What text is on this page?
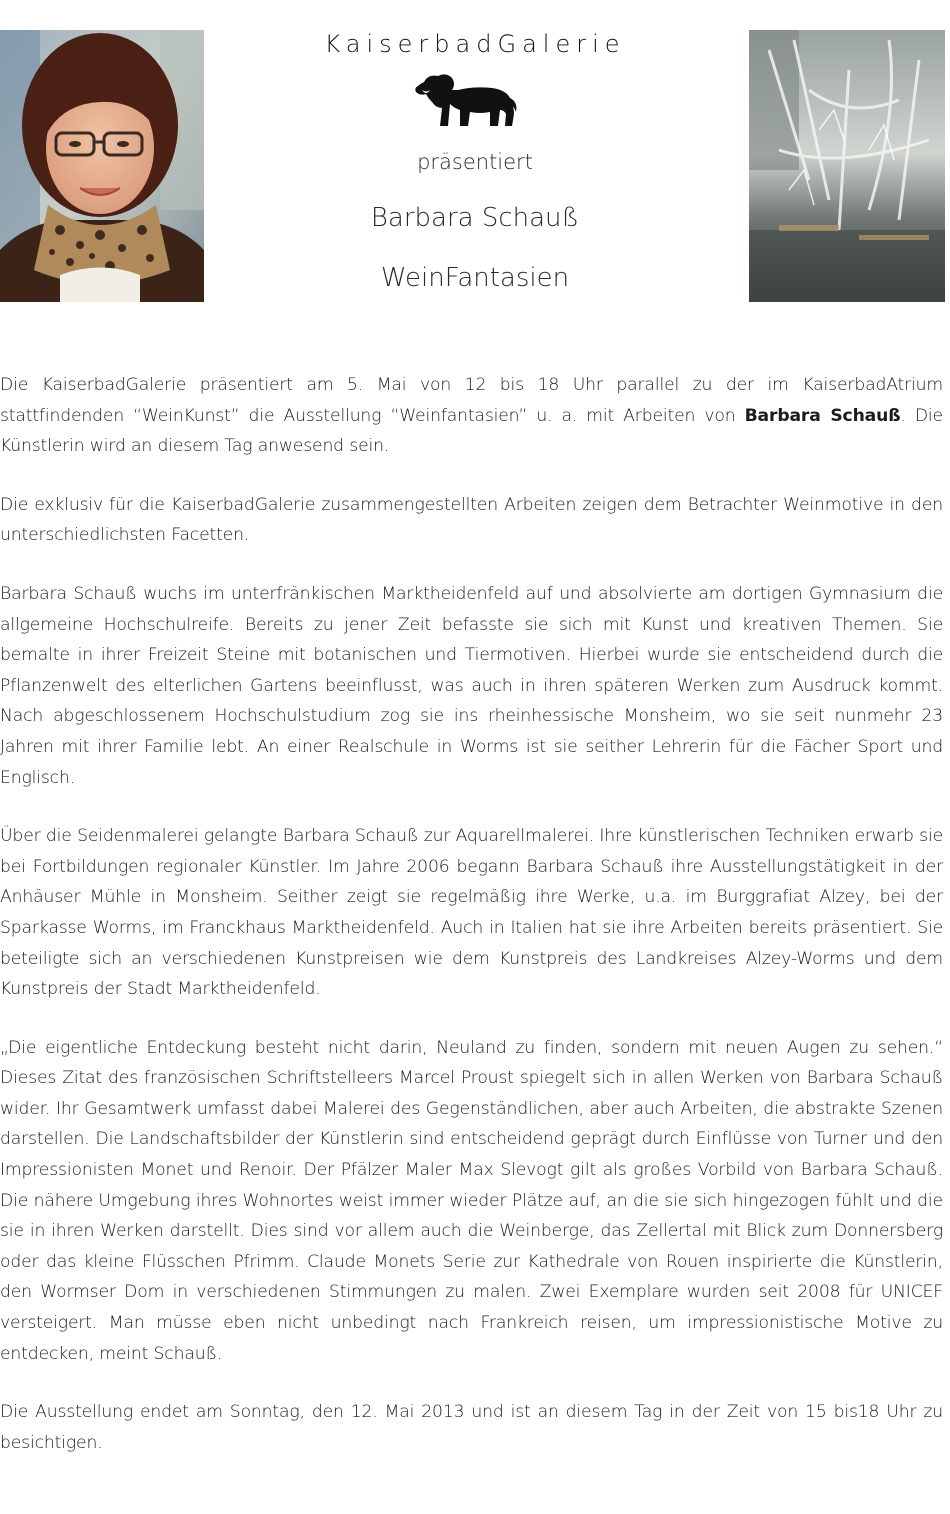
KaiserbadGalerie
präsentiert
Barbara Schauß
WeinFantasien

Die KaiserbadGalerie präsentiert am 5. Mai von 12 bis 18 Uhr parallel zu der im KaiserbadAtrium stattfindenden “WeinKunst” die Ausstellung “Weinfantasien” u. a. mit Arbeiten von Barbara Schauß. Die Künstlerin wird an diesem Tag anwesend sein.

Die exklusiv für die KaiserbadGalerie zusammengestellten Arbeiten zeigen dem Betrachter Weinmotive in den unterschiedlichsten Facetten.

Barbara Schauß wuchs im unterfränkischen Marktheidenfeld auf und absolvierte am dortigen Gymnasium die allgemeine Hochschulreife. Bereits zu jener Zeit befasste sie sich mit Kunst und kreativen Themen. Sie bemalte in ihrer Freizeit Steine mit botanischen und Tiermotiven. Hierbei wurde sie entscheidend durch die Pflanzenwelt des elterlichen Gartens beeinflusst, was auch in ihren späteren Werken zum Ausdruck kommt. Nach abgeschlossenem Hochschulstudium zog sie ins rheinhessische Monsheim, wo sie seit nunmehr 23 Jahren mit ihrer Familie lebt. An einer Realschule in Worms ist sie seither Lehrerin für die Fächer Sport und Englisch.

Über die Seidenmalerei gelangte Barbara Schauß zur Aquarellmalerei. Ihre künstlerischen Techniken erwarb sie bei Fortbildungen regionaler Künstler. Im Jahre 2006 begann Barbara Schauß ihre Ausstellungstätigkeit in der Anhäuser Mühle in Monsheim. Seither zeigt sie regelmäßig ihre Werke, u.a. im Burggrafiat Alzey, bei der Sparkasse Worms, im Franckhaus Marktheidenfeld. Auch in Italien hat sie ihre Arbeiten bereits präsentiert. Sie beteiligte sich an verschiedenen Kunstpreisen wie dem Kunstpreis des Landkreises Alzey-Worms und dem Kunstpreis der Stadt Marktheidenfeld.

„Die eigentliche Entdeckung besteht nicht darin, Neuland zu finden, sondern mit neuen Augen zu sehen.“ Dieses Zitat des französischen Schriftstelleers Marcel Proust spiegelt sich in allen Werken von Barbara Schauß wider. Ihr Gesamtwerk umfasst dabei Malerei des Gegenständlichen, aber auch Arbeiten, die abstrakte Szenen darstellen. Die Landschaftsbilder der Künstlerin sind entscheidend geprägt durch Einflüsse von Turner und den Impressionisten Monet und Renoir. Der Pfälzer Maler Max Slevogt gilt als großes Vorbild von Barbara Schauß. Die nähere Umgebung ihres Wohnortes weist immer wieder Plätze auf, an die sie sich hingezogen fühlt und die sie in ihren Werken darstellt. Dies sind vor allem auch die Weinberge, das Zellertal mit Blick zum Donnersberg oder das kleine Flüsschen Pfrimm. Claude Monets Serie zur Kathedrale von Rouen inspirierte die Künstlerin, den Wormser Dom in verschiedenen Stimmungen zu malen. Zwei Exemplare wurden seit 2008 für UNICEF versteigert. Man müsse eben nicht unbedingt nach Frankreich reisen, um impressionistische Motive zu entdecken, meint Schauß.

Die Ausstellung endet am Sonntag, den 12. Mai 2013 und ist an diesem Tag in der Zeit von 15 bis18 Uhr zu besichtigen.
